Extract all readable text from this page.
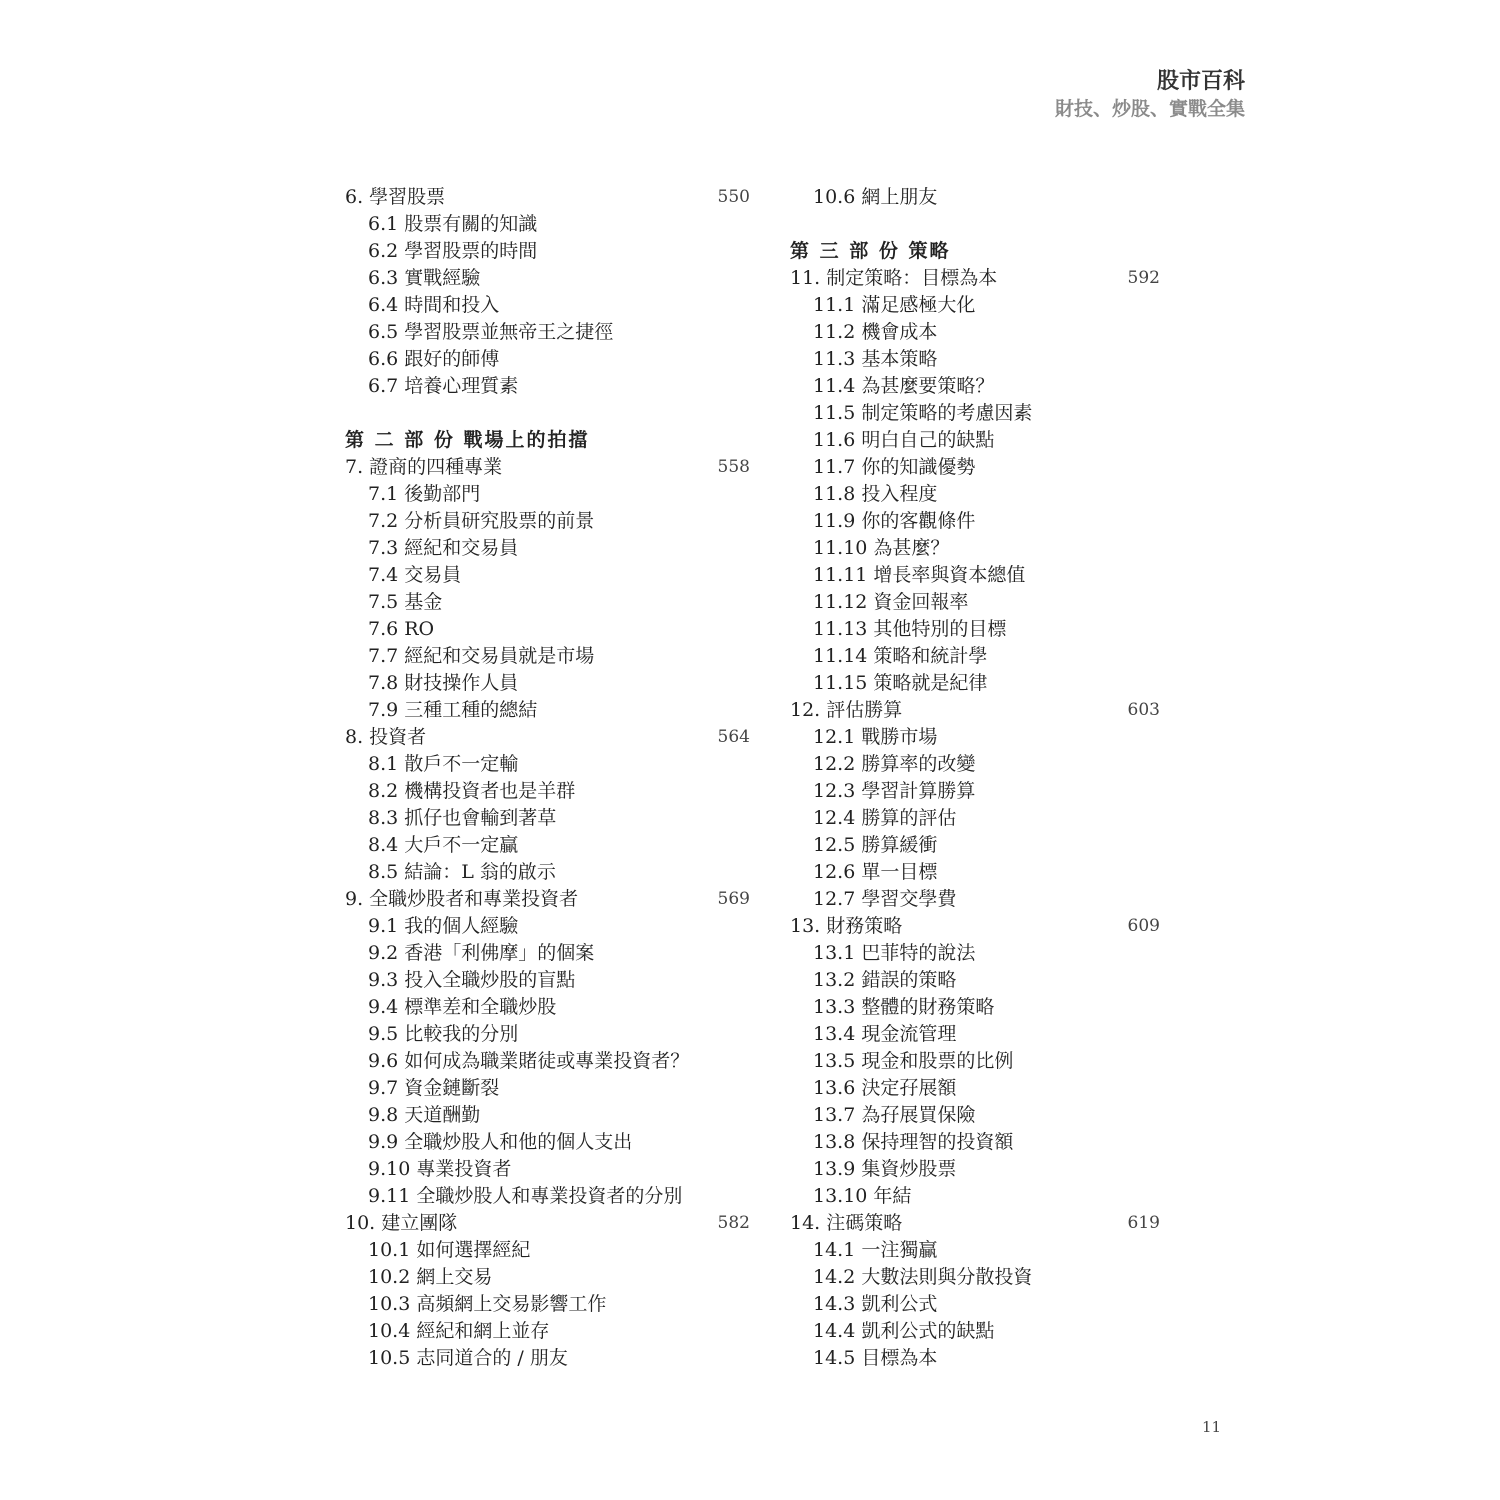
股市百科
財技、炒股、實戰全集
6. 學習股票	550
6.1 股票有關的知識
6.2 學習股票的時間
6.3 實戰經驗
6.4 時間和投入
6.5 學習股票並無帝王之捷徑
6.6 跟好的師傅
6.7 培養心理質素
第 二 部 份 戰場上的拍擋
7. 證商的四種專業	558
7.1 後勤部門
7.2 分析員研究股票的前景
7.3 經紀和交易員
7.4 交易員
7.5 基金
7.6 RO
7.7 經紀和交易員就是市場
7.8 財技操作人員
7.9 三種工種的總結
8. 投資者	564
8.1 散戶不一定輸
8.2 機構投資者也是羊群
8.3 抓仔也會輸到著草
8.4 大戶不一定贏
8.5 結論：L 翁的啟示
9. 全職炒股者和專業投資者	569
9.1 我的個人經驗
9.2 香港「利佛摩」的個案
9.3 投入全職炒股的盲點
9.4 標準差和全職炒股
9.5 比較我的分別
9.6 如何成為職業賭徒或專業投資者？
9.7 資金鏈斷裂
9.8 天道酬勤
9.9 全職炒股人和他的個人支出
9.10 專業投資者
9.11 全職炒股人和專業投資者的分別
10. 建立團隊	582
10.1 如何選擇經紀
10.2 網上交易
10.3 高頻網上交易影響工作
10.4 經紀和網上並存
10.5 志同道合的 / 朋友
10.6 網上朋友
第 三 部 份 策略
11. 制定策略：目標為本	592
11.1 滿足感極大化
11.2 機會成本
11.3 基本策略
11.4 為甚麼要策略？
11.5 制定策略的考慮因素
11.6 明白自己的缺點
11.7 你的知識優勢
11.8 投入程度
11.9 你的客觀條件
11.10 為甚麼？
11.11 增長率與資本總值
11.12 資金回報率
11.13 其他特別的目標
11.14 策略和統計學
11.15 策略就是紀律
12. 評估勝算	603
12.1 戰勝市場
12.2 勝算率的改變
12.3 學習計算勝算
12.4 勝算的評估
12.5 勝算緩衝
12.6 單一目標
12.7 學習交學費
13. 財務策略	609
13.1 巴菲特的說法
13.2 錯誤的策略
13.3 整體的財務策略
13.4 現金流管理
13.5 現金和股票的比例
13.6 決定孖展額
13.7 為孖展買保險
13.8 保持理智的投資額
13.9 集資炒股票
13.10 年結
14. 注碼策略	619
14.1 一注獨贏
14.2 大數法則與分散投資
14.3 凱利公式
14.4 凱利公式的缺點
14.5 目標為本
11
